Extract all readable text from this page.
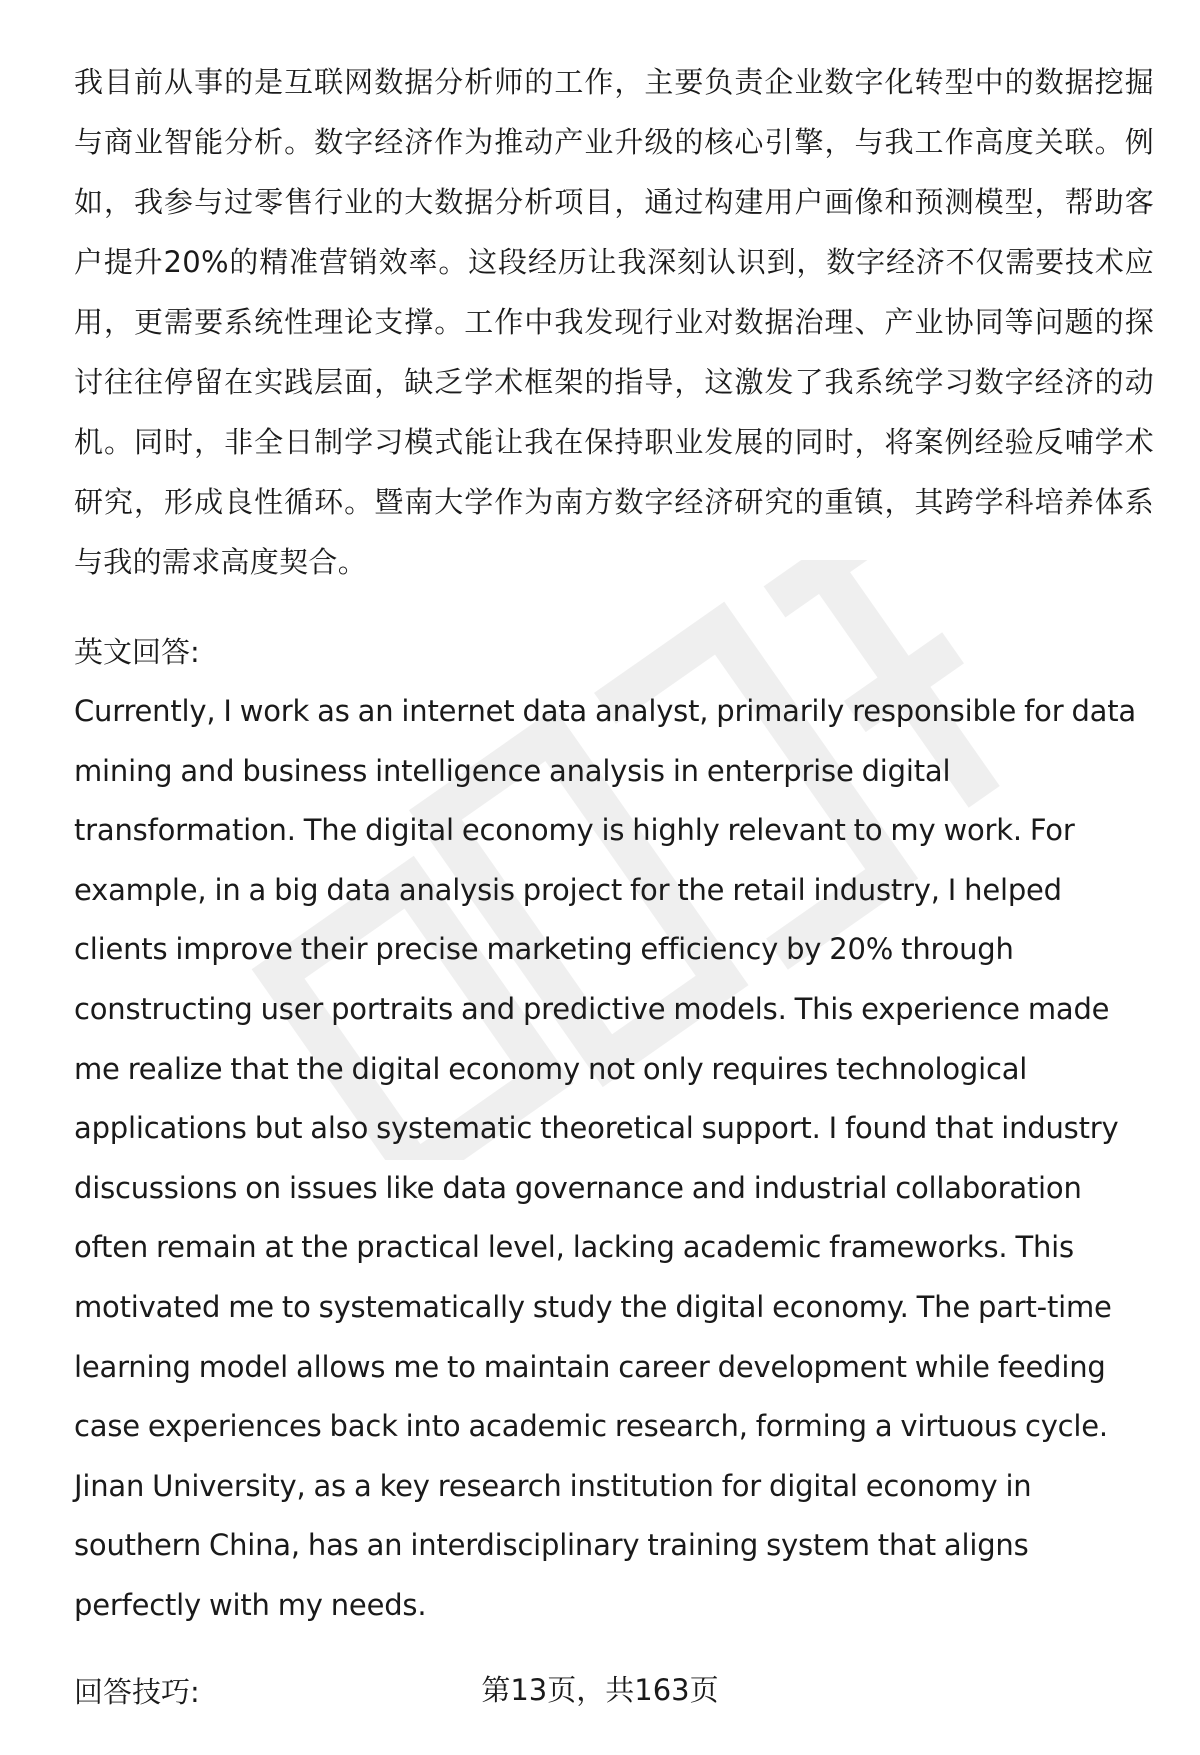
我目前从事的是互联网数据分析师的工作，主要负责企业数字化转型中的数据挖掘与商业智能分析。数字经济作为推动产业升级的核心引擎，与我工作高度关联。例如，我参与过零售行业的大数据分析项目，通过构建用户画像和预测模型，帮助客户提升20%的精准营销效率。这段经历让我深刻认识到，数字经济不仅需要技术应用，更需要系统性理论支撑。工作中我发现行业对数据治理、产业协同等问题的探讨往往停留在实践层面，缺乏学术框架的指导，这激发了我系统学习数字经济的动机。同时，非全日制学习模式能让我在保持职业发展的同时，将案例经验反哺学术研究，形成良性循环。暨南大学作为南方数字经济研究的重镇，其跨学科培养体系与我的需求高度契合。

英文回答:

Currently, I work as an internet data analyst, primarily responsible for data mining and business intelligence analysis in enterprise digital transformation. The digital economy is highly relevant to my work. For example, in a big data analysis project for the retail industry, I helped clients improve their precise marketing efficiency by 20% through constructing user portraits and predictive models. This experience made me realize that the digital economy not only requires technological applications but also systematic theoretical support. I found that industry discussions on issues like data governance and industrial collaboration often remain at the practical level, lacking academic frameworks. This motivated me to systematically study the digital economy. The part-time learning model allows me to maintain career development while feeding case experiences back into academic research, forming a virtuous cycle. Jinan University, as a key research institution for digital economy in southern China, has an interdisciplinary training system that aligns perfectly with my needs.

回答技巧:	第13页，共163页
